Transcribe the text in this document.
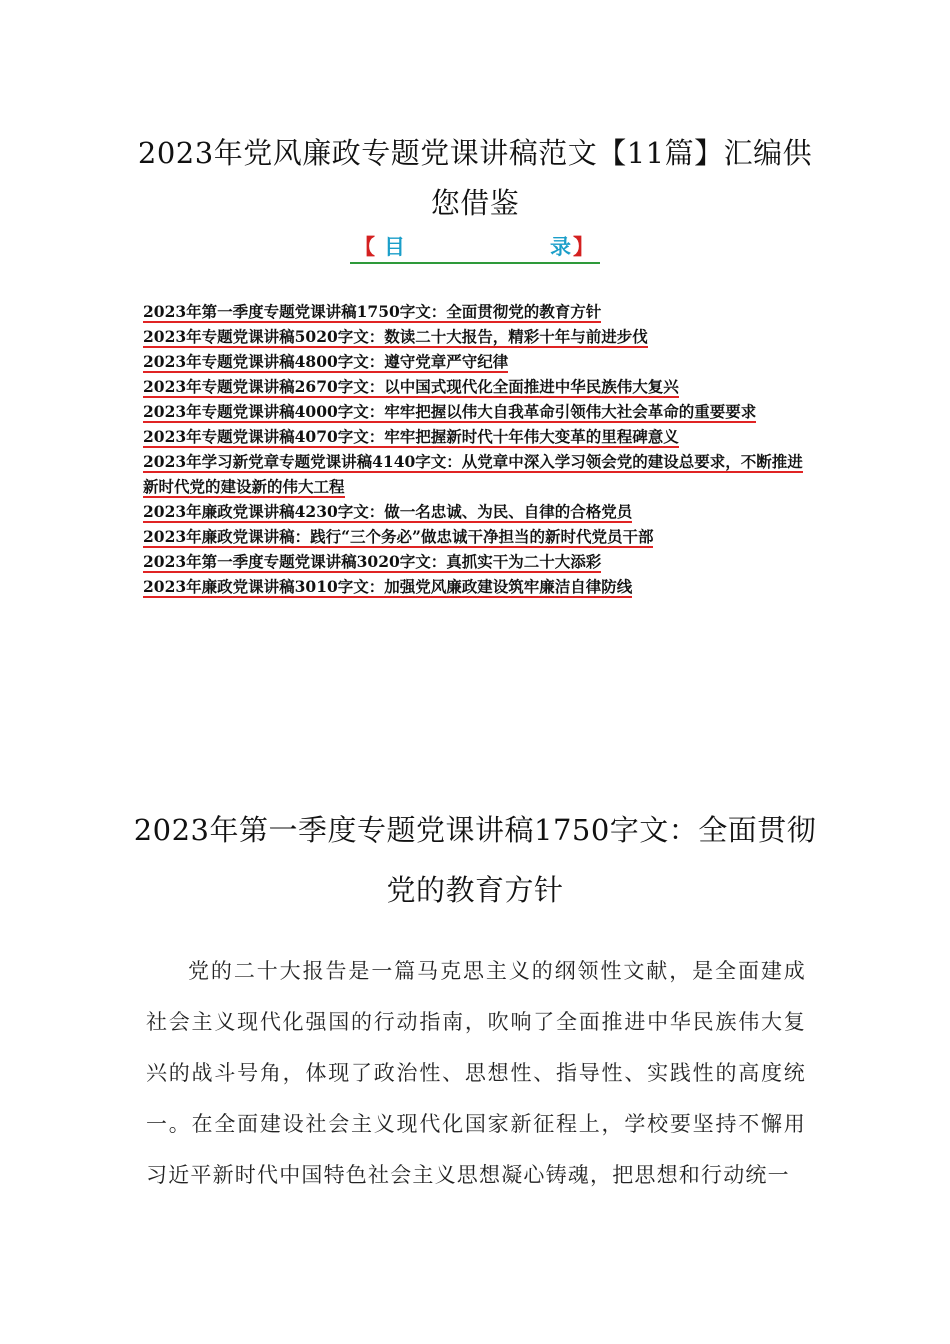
2023年党风廉政专题党课讲稿范文【11篇】汇编供您借鉴
【 目	录 】
2023年第一季度专题党课讲稿1750字文：全面贯彻党的教育方针
2023年专题党课讲稿5020字文：数读二十大报告，精彩十年与前进步伐
2023年专题党课讲稿4800字文：遵守党章严守纪律
2023年专题党课讲稿2670字文：以中国式现代化全面推进中华民族伟大复兴
2023年专题党课讲稿4000字文：牢牢把握以伟大自我革命引领伟大社会革命的重要要求
2023年专题党课讲稿4070字文：牢牢把握新时代十年伟大变革的里程碑意义
2023年学习新党章专题党课讲稿4140字文：从党章中深入学习领会党的建设总要求，不断推进新时代党的建设新的伟大工程
2023年廉政党课讲稿4230字文：做一名忠诚、为民、自律的合格党员
2023年廉政党课讲稿：践行“三个务必”做忠诚干净担当的新时代党员干部
2023年第一季度专题党课讲稿3020字文：真抓实干为二十大添彩
2023年廉政党课讲稿3010字文：加强党风廉政建设筑牢廉洁自律防线
2023年第一季度专题党课讲稿1750字文：全面贯彻党的教育方针

党的二十大报告是一篇马克思主义的纲领性文献，是全面建成社会主义现代化强国的行动指南，吹响了全面推进中华民族伟大复兴的战斗号角，体现了政治性、思想性、指导性、实践性的高度统一。在全面建设社会主义现代化国家新征程上，学校要坚持不懈用习近平新时代中国特色社会主义思想凝心铸魂，把思想和行动统一
